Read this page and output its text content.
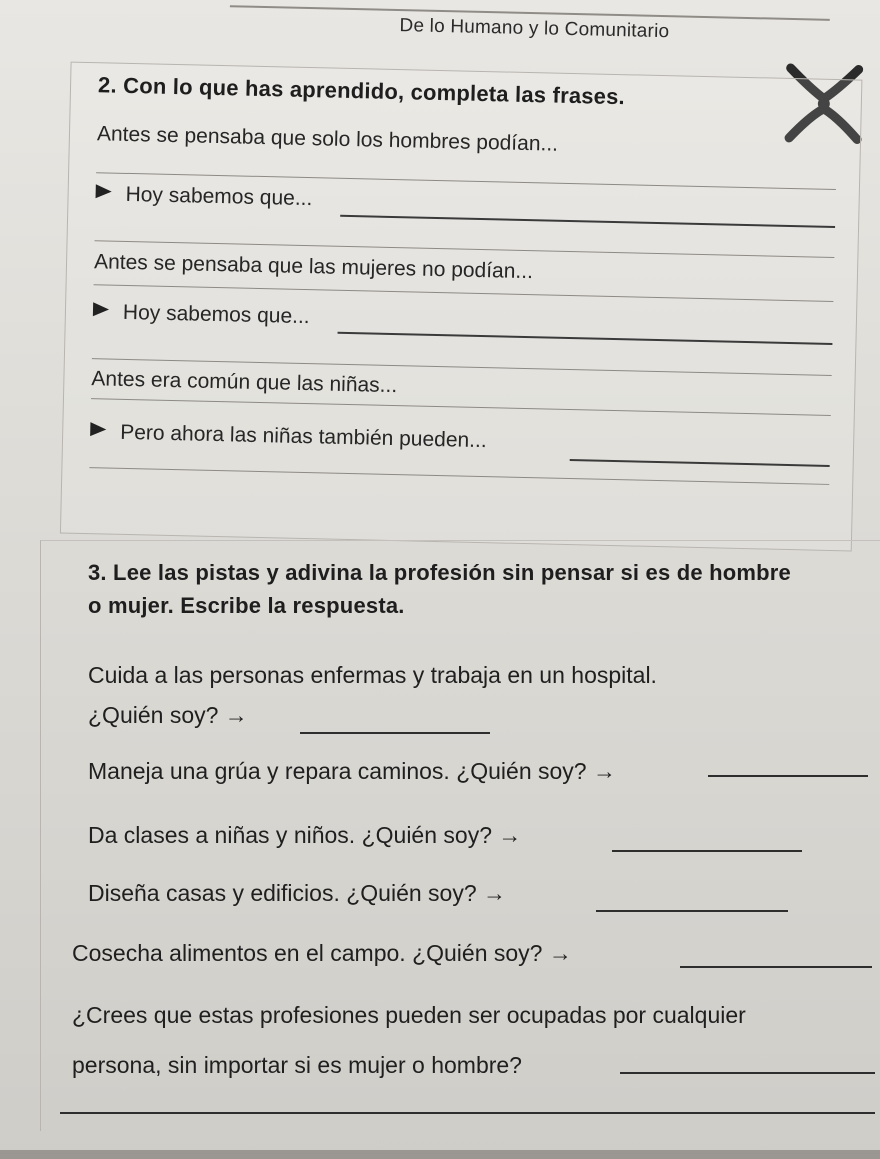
De lo Humano y lo Comunitario
2. Con lo que has aprendido, completa las frases.
Antes se pensaba que solo los hombres podían...
Hoy sabemos que...
Antes se pensaba que las mujeres no podían...
Hoy sabemos que...
Antes era común que las niñas...
Pero ahora las niñas también pueden...
3. Lee las pistas y adivina la profesión sin pensar si es de hombre
o mujer. Escribe la respuesta.
Cuida a las personas enfermas y trabaja en un hospital.
¿Quién soy? →
Maneja una grúa y repara caminos. ¿Quién soy? →
Da clases a niñas y niños. ¿Quién soy? →
Diseña casas y edificios. ¿Quién soy? →
Cosecha alimentos en el campo. ¿Quién soy? →
¿Crees que estas profesiones pueden ser ocupadas por cualquier
persona, sin importar si es mujer o hombre?
